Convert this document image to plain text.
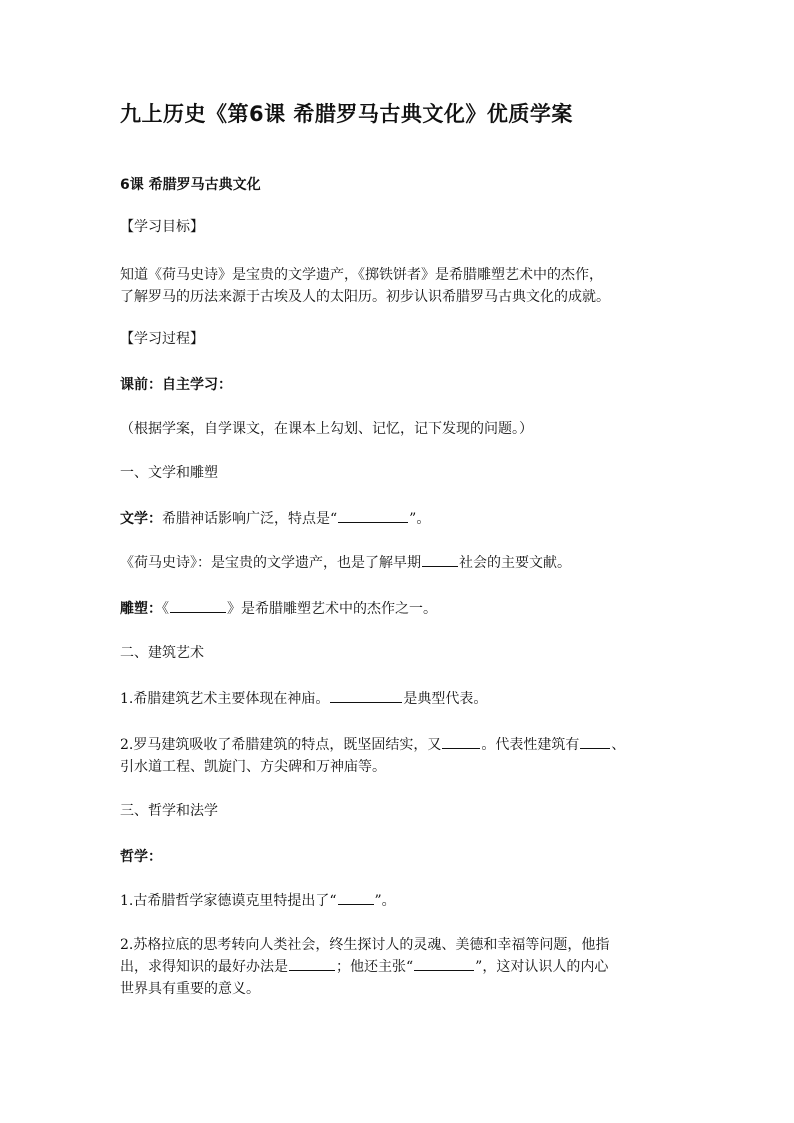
九上历史《第6课 希腊罗马古典文化》优质学案

6课 希腊罗马古典文化

【学习目标】

知道《荷马史诗》是宝贵的文学遗产，《掷铁饼者》是希腊雕塑艺术中的杰作，

了解罗马的历法来源于古埃及人的太阳历。初步认识希腊罗马古典文化的成就。

【学习过程】

课前：自主学习：

（根据学案，自学课文，在课本上勾划、记忆，记下发现的问题。）

一、文学和雕塑

文学：希腊神话影响广泛，特点是“	”。

《荷马史诗》：是宝贵的文学遗产，也是了解早期	社会的主要文献。

雕塑：《	》是希腊雕塑艺术中的杰作之一。

二、建筑艺术

1.希腊建筑艺术主要体现在神庙。	是典型代表。

2.罗马建筑吸收了希腊建筑的特点，既坚固结实，又	。代表性建筑有 、

引水道工程、凯旋门、方尖碑和万神庙等。

三、哲学和法学

哲学：

1.古希腊哲学家德谟克里特提出了“	”。

2.苏格拉底的思考转向人类社会，终生探讨人的灵魂、美德和幸福等问题，他指

出，求得知识的最好办法是	；他还主张“	”，这对认识人的内心

世界具有重要的意义。
